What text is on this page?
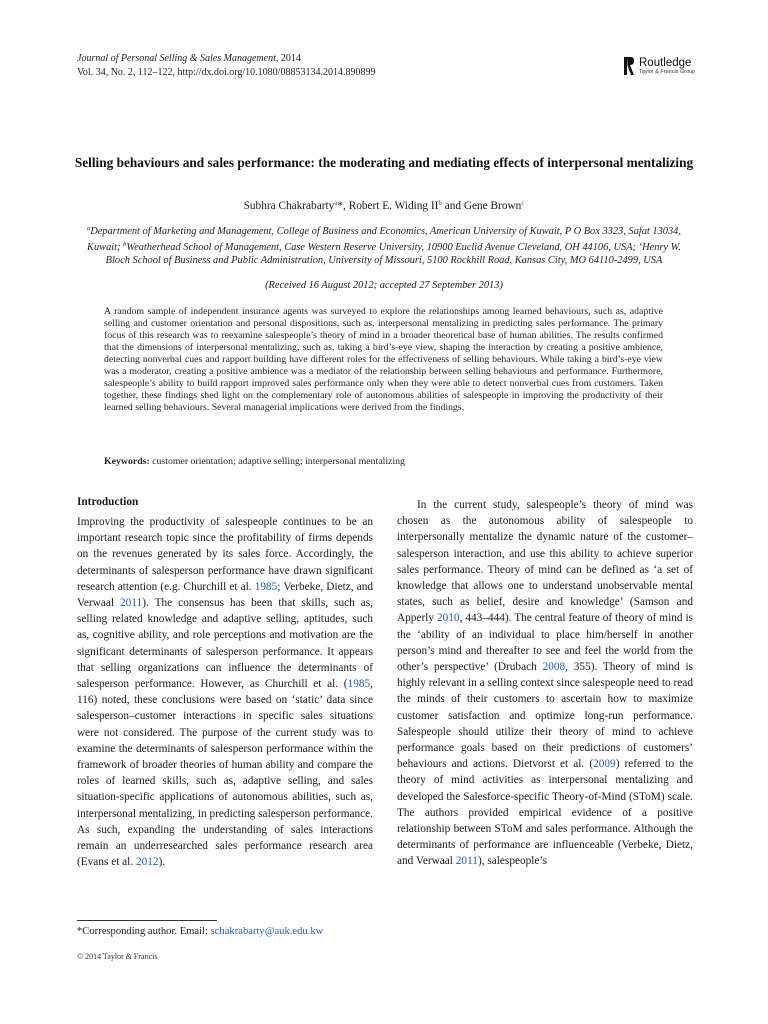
Journal of Personal Selling & Sales Management, 2014
Vol. 34, No. 2, 112–122, http://dx.doi.org/10.1080/08853134.2014.890899
Routledge
Taylor & Francis Group
Selling behaviours and sales performance: the moderating and mediating effects of interpersonal mentalizing
Subhra Chakrabarty$^a$*, Robert E. Widing $II^b$ and Gene Brown$^c$
$^a$Department of Marketing and Management, College of Business and Economics, American University of Kuwait, P O Box 3323, Safat 13034, Kuwait; $^b$Weatherhead School of Management, Case Western Reserve University, 10900 Euclid Avenue Cleveland, OH 44106, USA; ‘Henry W. Bloch School of Business and Public Administration, University of Missouri, 5100 Rockhill Road, Kansas City, MO 64110-2499, USA
(Received 16 August 2012; accepted 27 September 2013)
A random sample of independent insurance agents was surveyed to explore the relationships among learned behaviours, such as, adaptive selling and customer orientation and personal dispositions, such as, interpersonal mentalizing in predicting sales performance. The primary focus of this research was to reexamine salespeople’s theory of mind in a broader theoretical base of human abilities. The results confirmed that the dimensions of interpersonal mentalizing, such as, taking a bird’s-eye view, shaping the interaction by creating a positive ambience, detecting nonverbal cues and rapport building have different roles for the effectiveness of selling behaviours. While taking a bird’s-eye view was a moderator, creating a positive ambience was a mediator of the relationship between selling behaviours and performance. Furthermore, salespeople’s ability to build rapport improved sales performance only when they were able to detect nonverbal cues from customers. Taken together, these findings shed light on the complementary role of autonomous abilities of salespeople in improving the productivity of their learned selling behaviours. Several managerial implications were derived from the findings.
Keywords: customer orientation; adaptive selling; interpersonal mentalizing
Introduction

Improving the productivity of salespeople continues to be an important research topic since the profitability of firms depends on the revenues generated by its sales force. Accordingly, the determinants of salesperson performance have drawn significant research attention (e.g. Churchill et al. 1985; Verbeke, Dietz, and Verwaal 2011). The consensus has been that skills, such as, selling related knowledge and adaptive selling, aptitudes, such as, cognitive ability, and role perceptions and motivation are the significant determinants of salesperson performance. It appears that selling organizations can influence the determinants of salesperson performance. However, as Churchill et al. (1985, 116) noted, these conclusions were based on ‘static’ data since salesperson–customer interactions in specific sales situations were not considered. The purpose of the current study was to examine the determinants of salesperson performance within the framework of broader theories of human ability and compare the roles of learned skills, such as, adaptive selling, and sales situation-specific applications of autonomous abilities, such as, interpersonal mentalizing, in predicting salesperson performance. As such, expanding the understanding of sales interactions remain an underresearched sales performance research area (Evans et al. 2012).

In the current study, salespeople’s theory of mind was chosen as the autonomous ability of salespeople to interpersonally mentalize the dynamic nature of the customer–salesperson interaction, and use this ability to achieve superior sales performance. Theory of mind can be defined as ‘a set of knowledge that allows one to understand unobservable mental states, such as belief, desire and knowledge’ (Samson and Apperly 2010, 443–444). The central feature of theory of mind is the ‘ability of an individual to place him/herself in another person’s mind and thereafter to see and feel the world from the other’s perspective’ (Drubach 2008, 355). Theory of mind is highly relevant in a selling context since salespeople need to read the minds of their customers to ascertain how to maximize customer satisfaction and optimize long-run performance. Salespeople should utilize their theory of mind to achieve performance goals based on their predictions of customers’ behaviours and actions. Dietvorst et al. (2009) referred to the theory of mind activities as interpersonal mentalizing and developed the Salesforce-specific Theory-of-Mind (SToM) scale. The authors provided empirical evidence of a positive relationship between SToM and sales performance. Although the determinants of performance are influenceable (Verbeke, Dietz, and Verwaal 2011), salespeople’s

*Corresponding author. Email: schakrabarty@auk.edu.kw
© 2014 Taylor & Francis
